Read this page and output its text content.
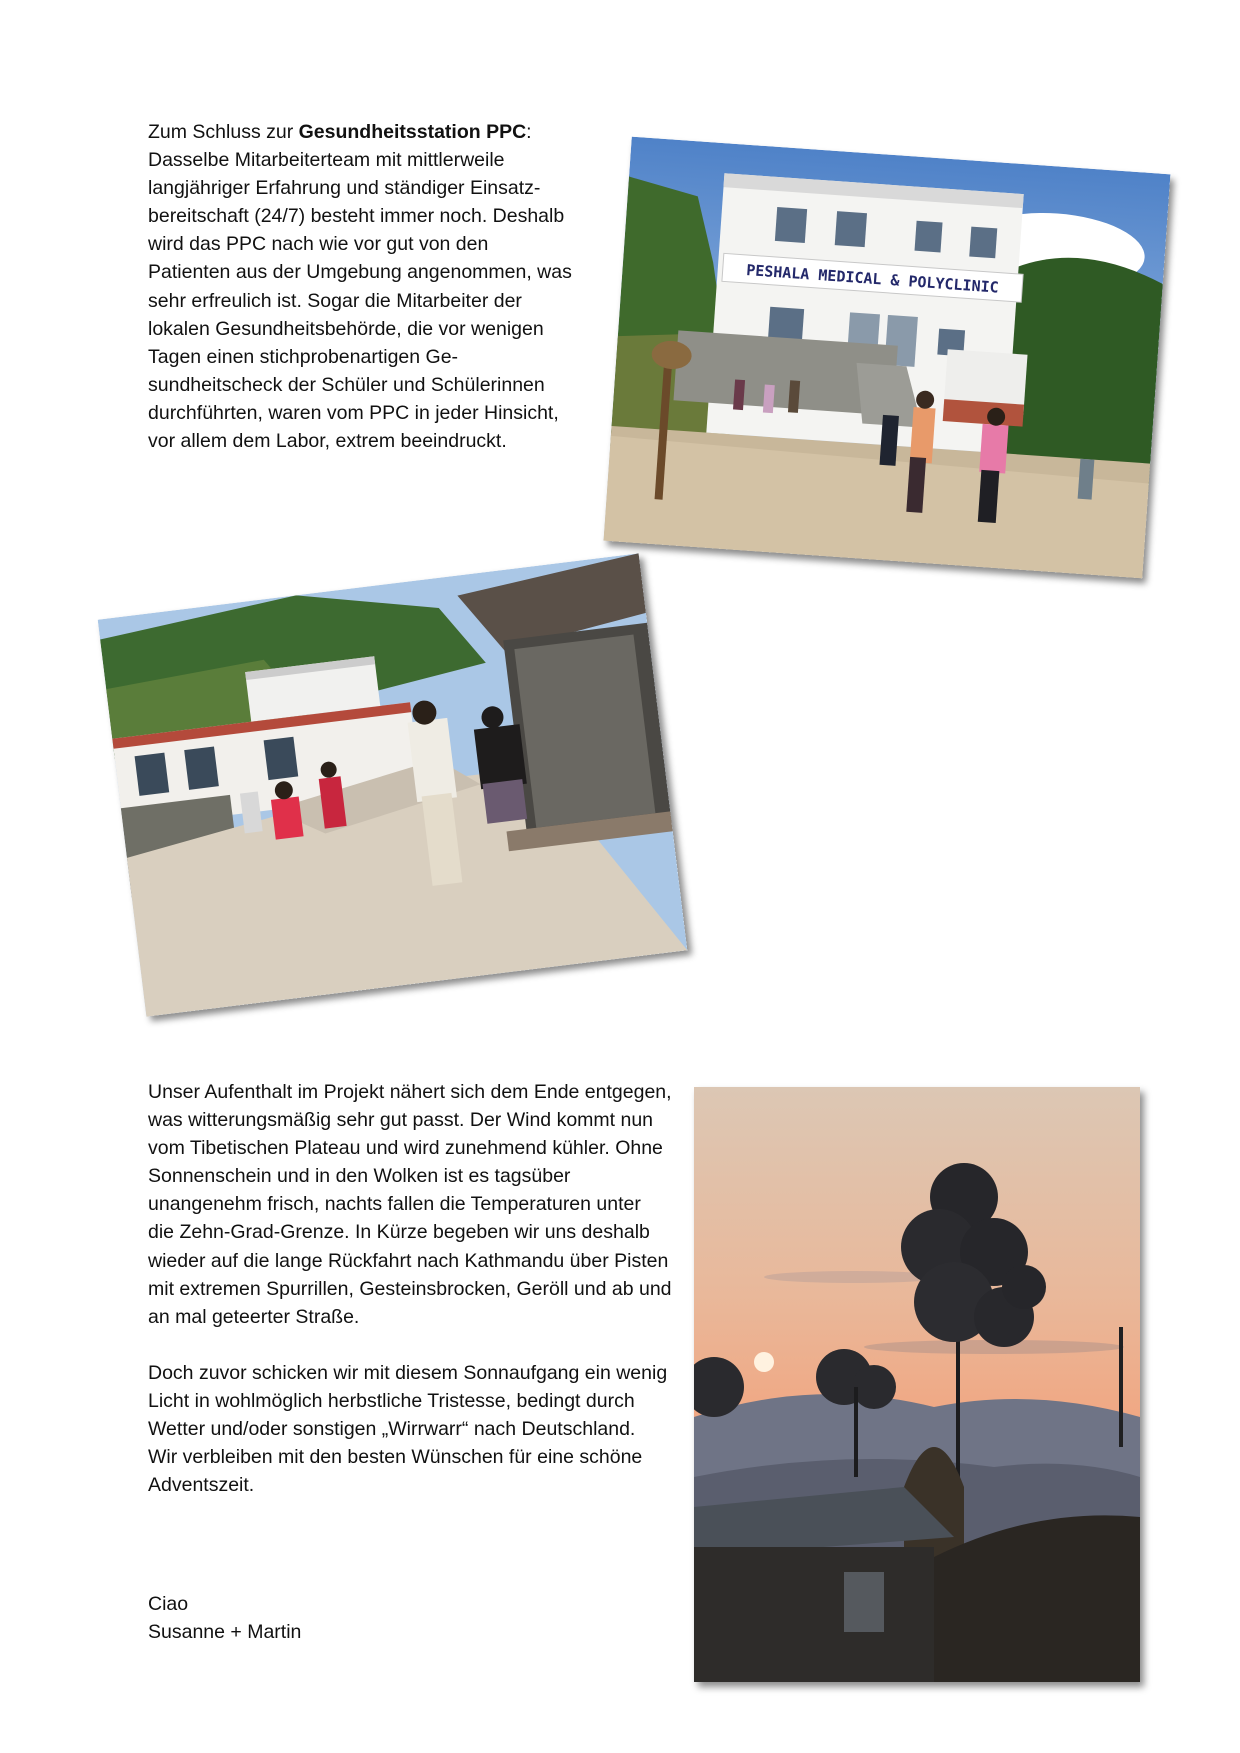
Zum Schluss zur Gesundheitsstation PPC:

Dasselbe Mitarbeiterteam mit mittlerweile langjähriger Erfahrung und ständiger Einsatzbereitschaft (24/7) besteht immer noch. Deshalb wird das PPC nach wie vor gut von den Patienten aus der Umgebung angenommen, was sehr erfreulich ist. Sogar die Mitarbeiter der lokalen Gesundheitsbehörde, die vor wenigen Tagen einen stichprobenartigen Gesundheitscheck der Schüler und Schülerinnen durchführten, waren vom PPC in jeder Hinsicht, vor allem dem Labor, extrem beeindruckt.

PESHALA MEDICAL & POLYCLINIC

Unser Aufenthalt im Projekt nähert sich dem Ende entgegen, was witterungsmäßig sehr gut passt. Der Wind kommt nun vom Tibetischen Plateau und wird zunehmend kühler. Ohne Sonnenschein und in den Wolken ist es tagsüber unangenehm frisch, nachts fallen die Temperaturen unter die Zehn-Grad-Grenze. In Kürze begeben wir uns deshalb wieder auf die lange Rückfahrt nach Kathmandu über Pisten mit extremen Spurrillen, Gesteinsbrocken, Geröll und ab und an mal geteerter Straße.

Doch zuvor schicken wir mit diesem Sonnaufgang ein wenig Licht in wohlmöglich herbstliche Tristesse, bedingt durch Wetter und/oder sonstigen „Wirrwarr“ nach Deutschland.

Wir verbleiben mit den besten Wünschen für eine schöne Adventszeit.

Ciao

Susanne + Martin
